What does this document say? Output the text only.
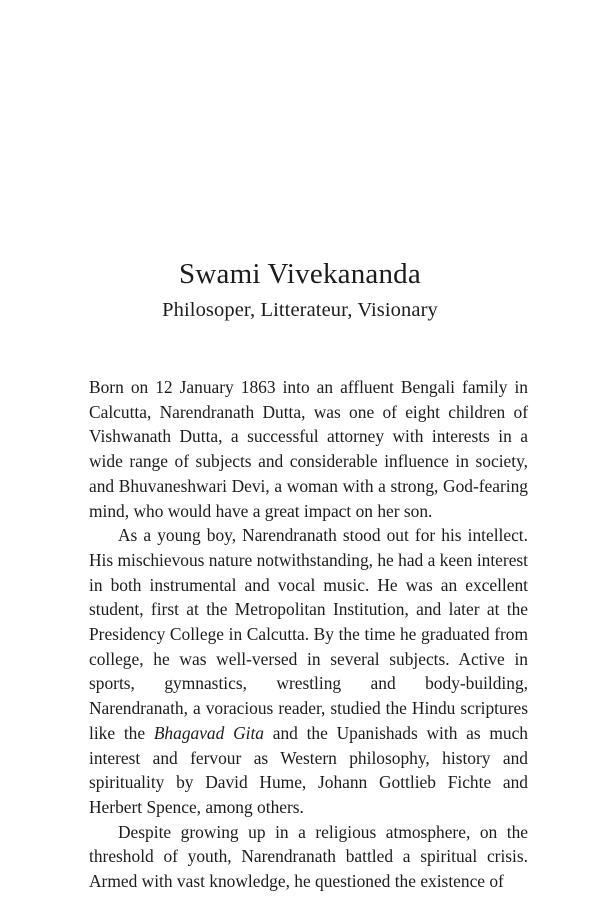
Swami Vivekananda
Philosoper, Litterateur, Visionary

Born on 12 January 1863 into an affluent Bengali family in Calcutta, Narendranath Dutta, was one of eight children of Vishwanath Dutta, a successful attorney with interests in a wide range of subjects and considerable influence in society, and Bhuvaneshwari Devi, a woman with a strong, God-fearing mind, who would have a great impact on her son.

As a young boy, Narendranath stood out for his intellect. His mischievous nature notwithstanding, he had a keen interest in both instrumental and vocal music. He was an excellent student, first at the Metropolitan Institution, and later at the Presidency College in Calcutta. By the time he graduated from college, he was well-versed in several subjects. Active in sports, gymnastics, wrestling and body-building, Narendranath, a voracious reader, studied the Hindu scriptures like the Bhagavad Gita and the Upanishads with as much interest and fervour as Western philosophy, history and spirituality by David Hume, Johann Gottlieb Fichte and Herbert Spence, among others.

Despite growing up in a religious atmosphere, on the threshold of youth, Narendranath battled a spiritual crisis. Armed with vast knowledge, he questioned the existence of
